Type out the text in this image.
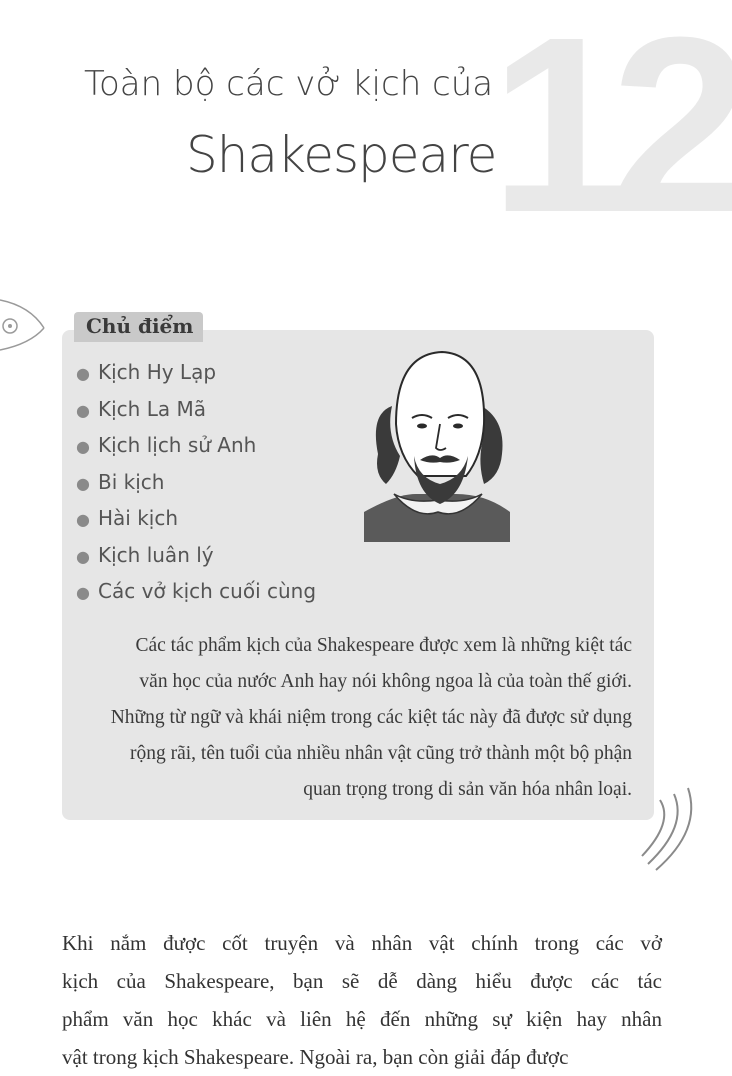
12
Toàn bộ các vở kịch của
Shakespeare
Chủ điểm
● Kịch Hy Lạp
● Kịch La Mã
● Kịch lịch sử Anh
● Bi kịch
● Hài kịch
● Kịch luân lý
● Các vở kịch cuối cùng
Các tác phẩm kịch của Shakespeare được xem là những kiệt tác
văn học của nước Anh hay nói không ngoa là của toàn thế giới.
Những từ ngữ và khái niệm trong các kiệt tác này đã được sử dụng
rộng rãi, tên tuổi của nhiều nhân vật cũng trở thành một bộ phận
quan trọng trong di sản văn hóa nhân loại.
Khi nắm được cốt truyện và nhân vật chính trong các vở
kịch của Shakespeare, bạn sẽ dễ dàng hiểu được các tác
phẩm văn học khác và liên hệ đến những sự kiện hay nhân
vật trong kịch Shakespeare. Ngoài ra, bạn còn giải đáp được
